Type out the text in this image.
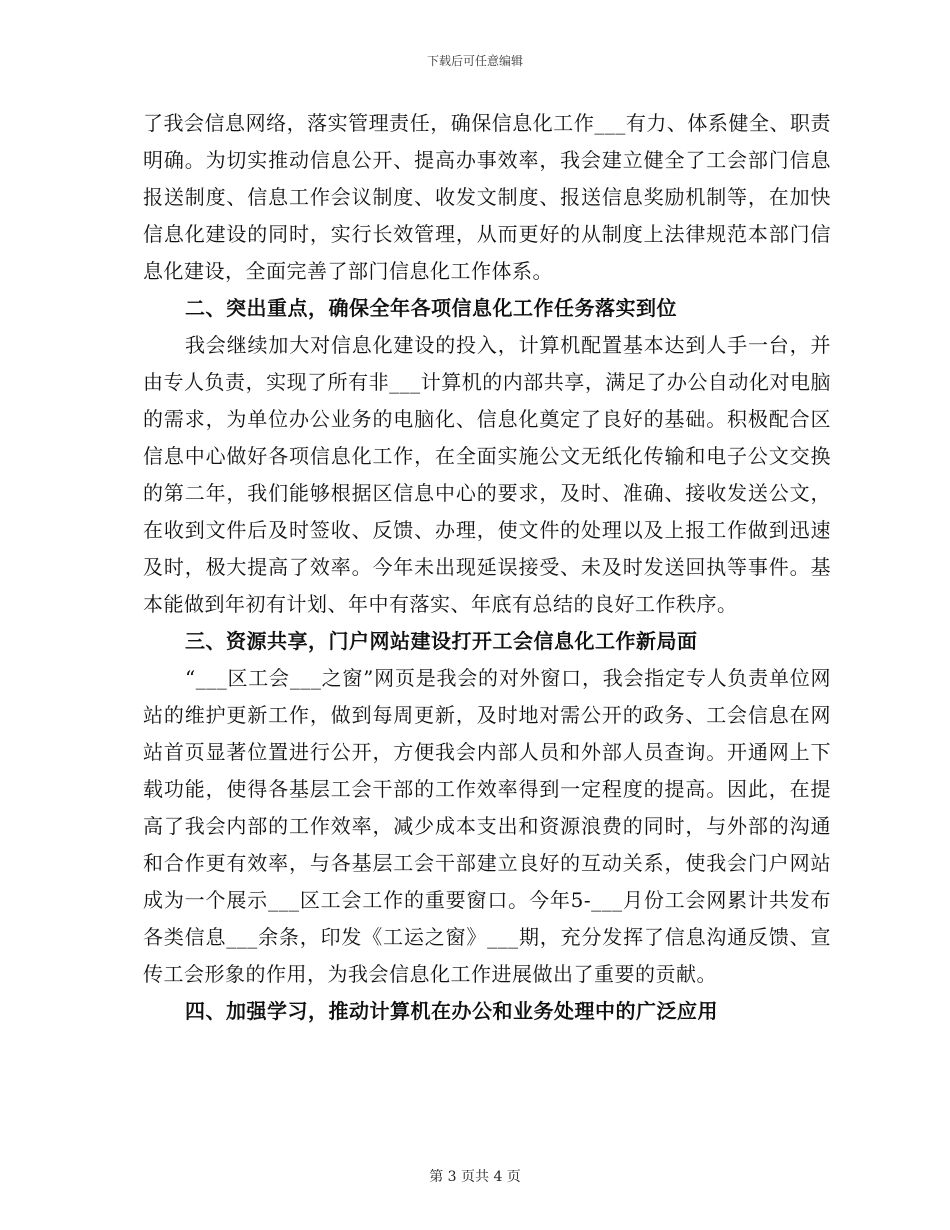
下载后可任意编辑

了我会信息网络，落实管理责任，确保信息化工作___有力、体系健全、职责明确。为切实推动信息公开、提高办事效率，我会建立健全了工会部门信息报送制度、信息工作会议制度、收发文制度、报送信息奖励机制等，在加快信息化建设的同时，实行长效管理，从而更好的从制度上法律规范本部门信息化建设，全面完善了部门信息化工作体系。

二、突出重点，确保全年各项信息化工作任务落实到位

我会继续加大对信息化建设的投入，计算机配置基本达到人手一台，并由专人负责，实现了所有非___计算机的内部共享，满足了办公自动化对电脑的需求，为单位办公业务的电脑化、信息化奠定了良好的基础。积极配合区信息中心做好各项信息化工作，在全面实施公文无纸化传输和电子公文交换的第二年，我们能够根据区信息中心的要求，及时、准确、接收发送公文，在收到文件后及时签收、反馈、办理，使文件的处理以及上报工作做到迅速及时，极大提高了效率。今年未出现延误接受、未及时发送回执等事件。基本能做到年初有计划、年中有落实、年底有总结的良好工作秩序。

三、资源共享，门户网站建设打开工会信息化工作新局面

“___区工会___之窗”网页是我会的对外窗口，我会指定专人负责单位网站的维护更新工作，做到每周更新，及时地对需公开的政务、工会信息在网站首页显著位置进行公开，方便我会内部人员和外部人员查询。开通网上下载功能，使得各基层工会干部的工作效率得到一定程度的提高。因此，在提高了我会内部的工作效率，减少成本支出和资源浪费的同时，与外部的沟通和合作更有效率，与各基层工会干部建立良好的互动关系，使我会门户网站成为一个展示___区工会工作的重要窗口。今年5-___月份工会网累计共发布各类信息___余条，印发《工运之窗》___期，充分发挥了信息沟通反馈、宣传工会形象的作用，为我会信息化工作进展做出了重要的贡献。

四、加强学习，推动计算机在办公和业务处理中的广泛应用

第 3 页共 4 页
